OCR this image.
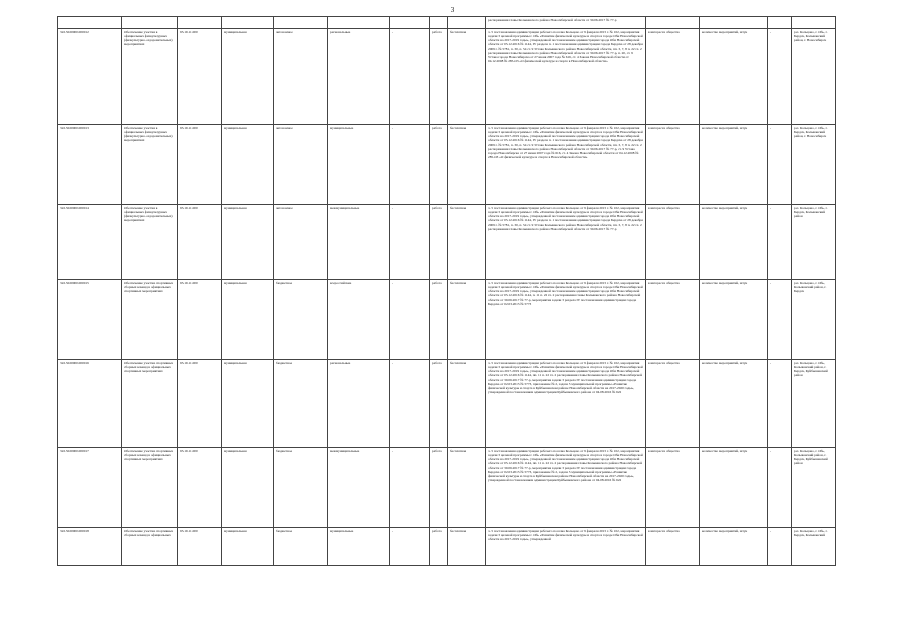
3
									распоряжения главы Колыванского района Новосибирской области от 30.06.2017 № 77-р				
322.5020000.000012	Обеспечение участия в официальных физкультурных (физкультурно-оздоровительных) мероприятиях	93.19.11.000	муниципальная	автономное	региональные	-	работа	бесплатная	ч. 5 постановления администрации рабочего поселка Кольцово от 9 февраля 2015 г. № 102, мероприятия задачи 3 целевой программы г. Обь «Развитие физической культуры и спорта в городе Оби Новосибирской области на 2017-2019 годы», утвержденной постановлением администрации города Оби Новосибирской области от 05.12.2016 № 1144, IV раздела п. 1 постановления администрации города Бердска от 28 декабря 2009 г. № 5781, п. 30, п. 54 ст. 9 Устава Колыванского района Новосибирской области, пп. 3, 7, 8 п. 22 гл. 2 распоряжения главы Колыванского района Новосибирской области от 30.06.2017 № 77-р, п. 20, ст. 9 Устава города Новосибирска от 27 июня 2007 года № 616, ст. 4 Закона Новосибирской области от 04.12.2008 № 285-ОЗ «О физической культуре и спорте в Новосибирской области»	в интересах общества	количество мероприятий, штук	-	р.п. Кольцово, г. Обь, г. Бердск, Колыванский район, г. Новосибирск
322.5020000.000013	Обеспечение участия в официальных физкультурных (физкультурно-оздоровительных) мероприятиях	93.19.11.000	муниципальная	автономное	муниципальные	-	работа	бесплатная	ч. 5 постановления администрации рабочего поселка Кольцово от 9 февраля 2015 г. № 102, мероприятия задачи 3 целевой программы г. Обь «Развитие физической культуры и спорта в городе Оби Новосибирской области на 2017-2019 годы», утвержденной постановлением администрации города Оби Новосибирской области от 05.12.2016 № 1144, IV раздела п. 1 постановления администрации города Бердска от 28 декабря 2009 г. № 5781, п. 30, п. 54 ст. 9 Устава Колыванского района Новосибирской области, пп. 3, 7, 8 п. 22 гл. 2 распоряжения главы Колыванского района Новосибирской области от 30.06.2017 № 77-р, ст. 9 Устава города Новосибирска от 27 июня 2007 года № 616, ст. 4 Закона Новосибирской области от 04.12.2008 № 285-ОЗ «О физической культуре и спорте в Новосибирской области»	в интересах общества	количество мероприятий, штук	-	р.п. Кольцово, г. Обь, г. Бердск, Колыванский район, г. Новосибирск
322.5020000.000014	Обеспечение участия в официальных физкультурных (физкультурно-оздоровительных) мероприятиях	93.19.11.000	муниципальная	автономное	межмуниципальные	-	работа	бесплатная	ч. 5 постановления администрации рабочего поселка Кольцово от 9 февраля 2015 г. № 102, мероприятия задачи 3 целевой программы г. Обь «Развитие физической культуры и спорта в городе Оби Новосибирской области на 2017-2019 годы», утвержденной постановлением администрации города Оби Новосибирской области от 05.12.2016 № 1144, IV раздела п. 1 постановления администрации города Бердска от 28 декабря 2009 г. № 5781, п. 30, п. 54 ст. 9 Устава Колыванского района Новосибирской области, пп. 3, 7, 8 п. 22 гл. 2 распоряжения главы Колыванского района Новосибирской области от 30.06.2017 № 77-р	в интересах общества	количество мероприятий, штук	-	р.п. Кольцово, г. Обь, г. Бердск, Колыванский район
322.5020000.000015	Обеспечение участия спортивных сборных команд в официальных спортивных мероприятиях	93.19.11.000	муниципальная	бюджетное	всероссийские	-	работа	бесплатная	ч. 5 постановления администрации рабочего поселка Кольцово от 9 февраля 2015 г. № 102, мероприятия задачи 3 целевой программы г. Обь «Развитие физической культуры и спорта в городе Оби Новосибирской области на 2017-2019 годы», утвержденной постановлением администрации города Оби Новосибирской области от 05.12.2016 № 1144, п. 11 п. 22 гл. 2 распоряжения главы Колыванского района Новосибирской области от 30.06.2017 № 77-р, мероприятия задачи 3 раздела IV постановления администрации города Бердска от 02.03.2015 № 5773	в интересах общества	количество мероприятий, штук	-	р.п. Кольцово, г. Обь, Колыванский район, г. Бердск
322.5020000.000016	Обеспечение участия спортивных сборных команд в официальных спортивных мероприятиях	93.19.11.000	муниципальная	бюджетное	региональные	-	работа	бесплатная	ч. 5 постановления администрации рабочего поселка Кольцово от 9 февраля 2015 г. № 102, мероприятия задачи 3 целевой программы г. Обь «Развитие физической культуры и спорта в городе Оби Новосибирской области на 2017-2019 годы», утвержденной постановлением администрации города Оби Новосибирской области от 05.12.2016 № 1144, пп. 11 п. 22 гл. 2 распоряжения главы Колыванского района Новосибирской области от 30.06.2017 № 77-р, мероприятия задачи 3 раздела IV постановления администрации города Бердска от 02.03.2015 № 5773, приложение № 2, задача 3 муниципальной программы «Развитие физической культуры и спорта в Куйбышевском районе Новосибирской области на 2017-2020 годы», утвержденной постановлением администрации Куйбышевского района от 04.08.2016 № 622	в интересах общества	количество мероприятий, штук	-	р.п. Кольцово, г. Обь, Колыванский район, г. Бердск, Куйбышевский район
322.5020000.000017	Обеспечение участия спортивных сборных команд в официальных спортивных мероприятиях	93.19.11.000	муниципальная	бюджетное	межмуниципальные	-	работа	бесплатная	ч. 5 постановления администрации рабочего поселка Кольцово от 9 февраля 2015 г. № 102, мероприятия задачи 3 целевой программы г. Обь «Развитие физической культуры и спорта в городе Оби Новосибирской области на 2017-2019 годы», утвержденной постановлением администрации города Оби Новосибирской области от 05.12.2016 № 1144, пп. 11 п. 22 гл. 2 распоряжения главы Колыванского района Новосибирской области от 30.06.2017 № 77-р, мероприятия задачи 3 раздела IV постановления администрации города Бердска от 02.03.2015 № 5773, приложение № 2, задача 3 муниципальной программы «Развитие физической культуры и спорта в Куйбышевском районе Новосибирской области на 2017-2020 годы», утвержденной постановлением администрации Куйбышевского района от 04.08.2016 № 622	в интересах общества	количество мероприятий, штук	-	р.п. Кольцово, г. Обь, Колыванский район, г. Бердск, Куйбышевский район
322.5020000.000018	Обеспечение участия спортивных сборных команд в официальных	93.19.11.000	муниципальная	бюджетное	муниципальные	-	работа	бесплатная	ч. 5 постановления администрации рабочего поселка Кольцово от 9 февраля 2015 г. № 102, мероприятия задачи 3 целевой программы г. Обь «Развитие физической культуры и спорта в городе Оби Новосибирской области на 2017-2019 годы», утвержденной	в интересах общества	количество мероприятий, штук	-	р.п. Кольцово, г. Обь, г. Бердск, Колыванский
